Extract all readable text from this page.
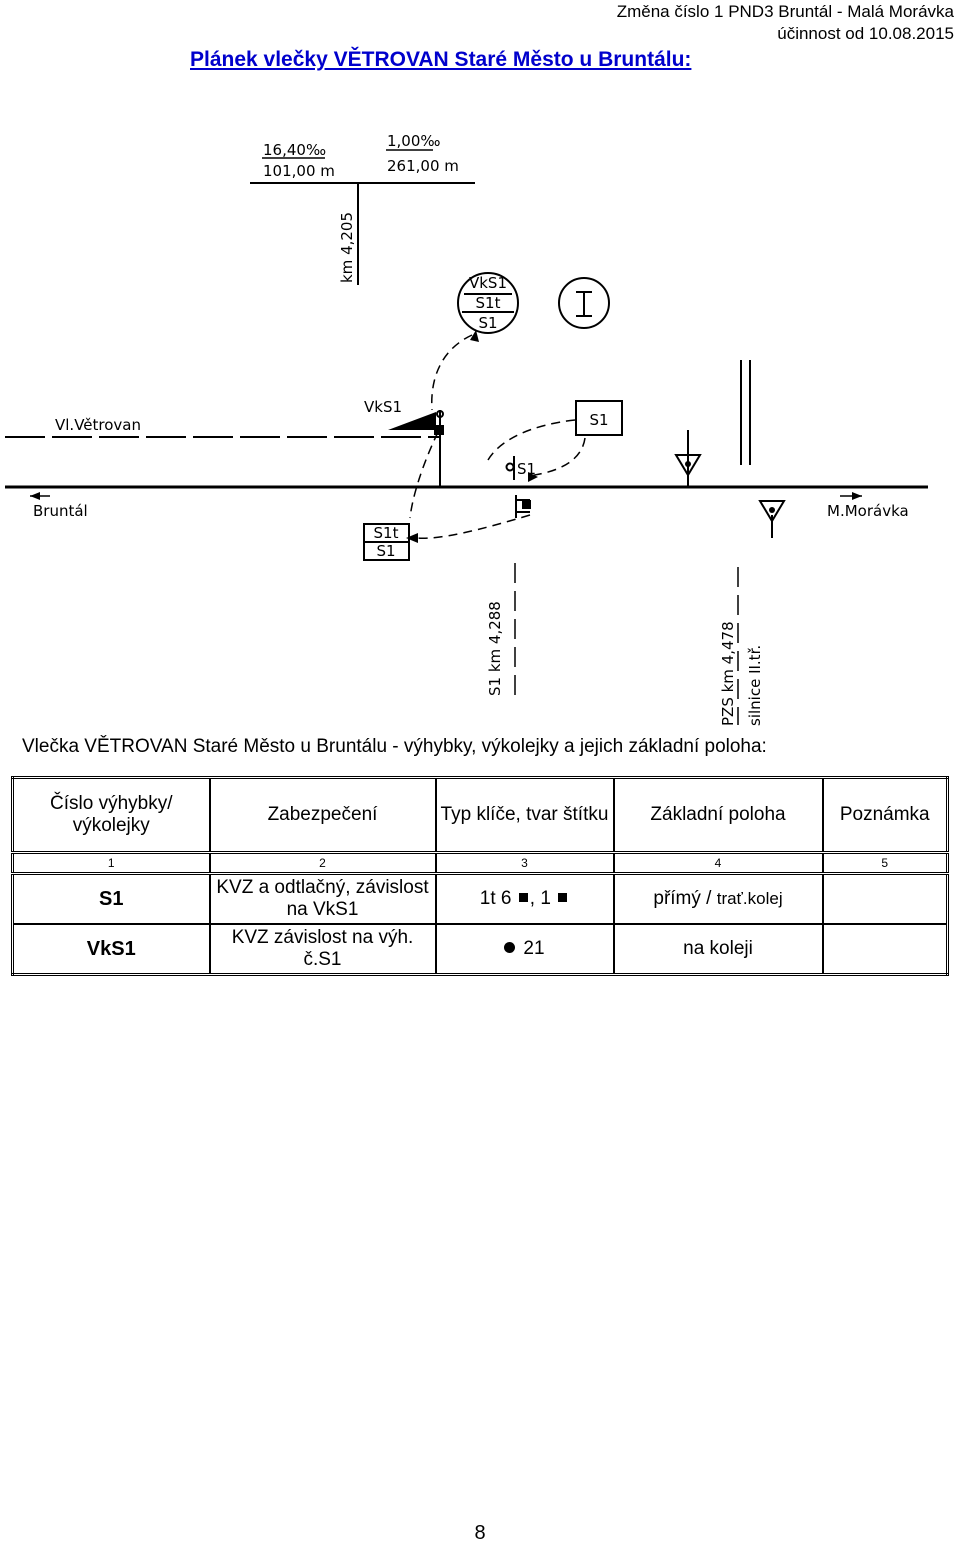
Změna číslo 1 PND3 Bruntál - Malá Morávka
účinnost od 10.08.2015
Plánek vlečky VĚTROVAN Staré Město u Bruntálu:
16,40‰
101,00 m
1,00‰
261,00 m
km 4,205	VkS1
S1t
S1
VkS1
Vl.Větrovan	S1
S1
Bruntál	M.Morávka
S1t
S1
S1 km 4,288	PZS km 4,478 silnice II.tř.
Vlečka VĚTROVAN Staré Město u Bruntálu - výhybky, výkolejky a jejich základní poloha:
Číslo výhybky/ výkolejky	Zabezpečení	Typ klíče, tvar štítku	Základní poloha	Poznámka
1	2	3	4	5
S1	KVZ a odtlačný, závislost na VkS1	1t 6 , 1	přímý / trať.kolej	
VkS1	KVZ závislost na výh. č.S1	21	na koleji	
8
